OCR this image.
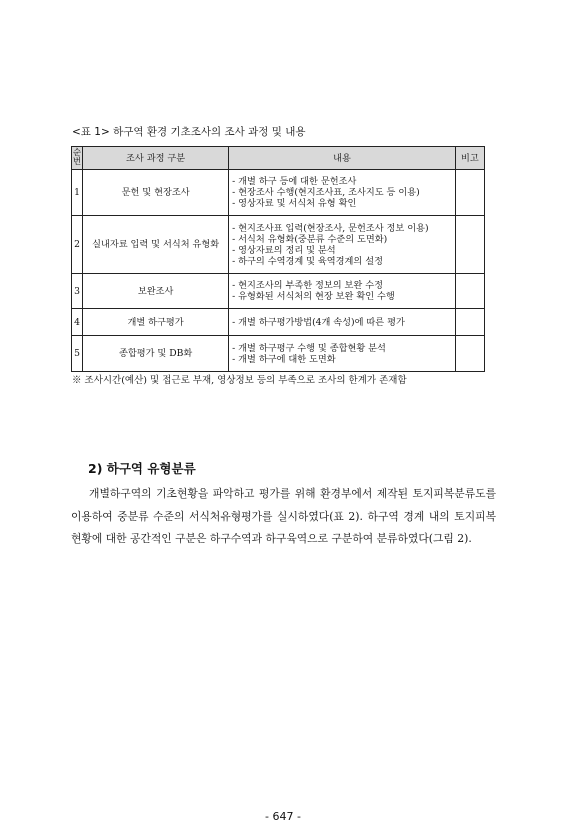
<표 1> 하구역 환경 기초조사의 조사 과정 및 내용
순번	조사 과정 구분	내용	비고
1	문헌 및 현장조사	- 개별 하구 등에 대한 문헌조사
- 현장조사 수행(현지조사표, 조사지도 등 이용)
- 영상자료 및 서식처 유형 확인	

2	실내자료 입력 및 서식처 유형화	- 현지조사표 입력(현장조사, 문헌조사 정보 이용)
- 서식처 유형화(중분류 수준의 도면화)
- 영상자료의 정리 및 분석
- 하구의 수역경계 및 육역경계의 설정	

3	보완조사	- 현지조사의 부족한 정보의 보완 수정
- 유형화된 서식처의 현장 보완 확인 수행	

4	개별 하구평가	- 개별 하구평가방법(4개 속성)에 따른 평가	

5	종합평가 및 DB화	- 개별 하구평구 수행 및 종합현황 분석
- 개별 하구에 대한 도면화	

※ 조사시간(예산) 및 접근로 부재, 영상정보 등의 부족으로 조사의 한계가 존재함
2) 하구역 유형분류
개별하구역의 기초현황을 파악하고 평가를 위해 환경부에서 제작된 토지피복분류도를 이용하여 중분류 수준의 서식처유형평가를 실시하였다(표 2). 하구역 경계 내의 토지피복현황에 대한 공간적인 구분은 하구수역과 하구육역으로 구분하여 분류하였다(그림 2).
- 647 -
